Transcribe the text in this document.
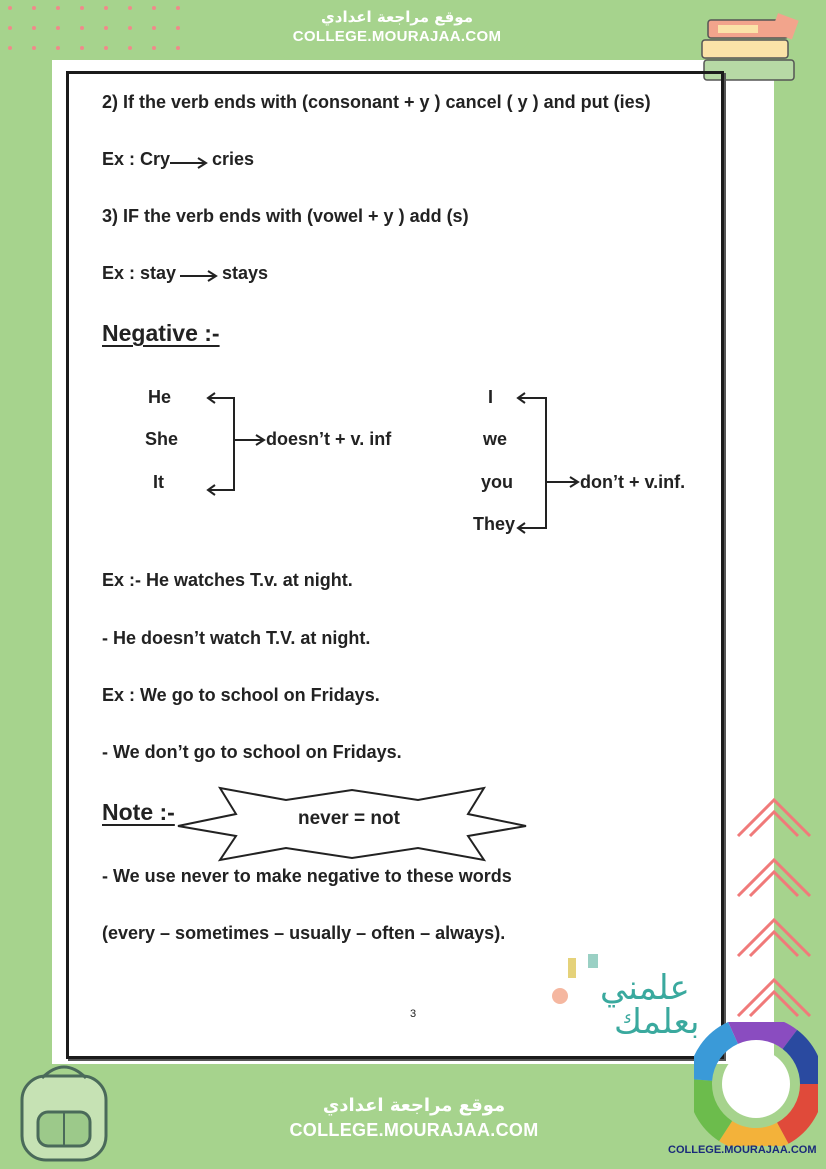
موقع مراجعة اعدادي
COLLEGE.MOURAJAA.COM
2) If the verb ends with (consonant + y ) cancel ( y ) and put (ies)
Ex : Cry cries
3) IF the verb ends with (vowel + y ) add (s)
Ex : stay	stays
Negative :-
He
She
It
doesn’t + v. inf
I
we
you
They
don’t + v.inf.
Ex :- He watches T.v. at night.
- He doesn’t watch T.V. at night.
Ex : We go to school on Fridays.
- We don’t go to school on Fridays.
Note :-	never = not
- We use never to make negative to these words
(every – sometimes – usually – often – always).
3
علمني
بعلمك
موقع مراجعة اعدادي
COLLEGE.MOURAJAA.COM
COLLEGE.MOURAJAA.COM
